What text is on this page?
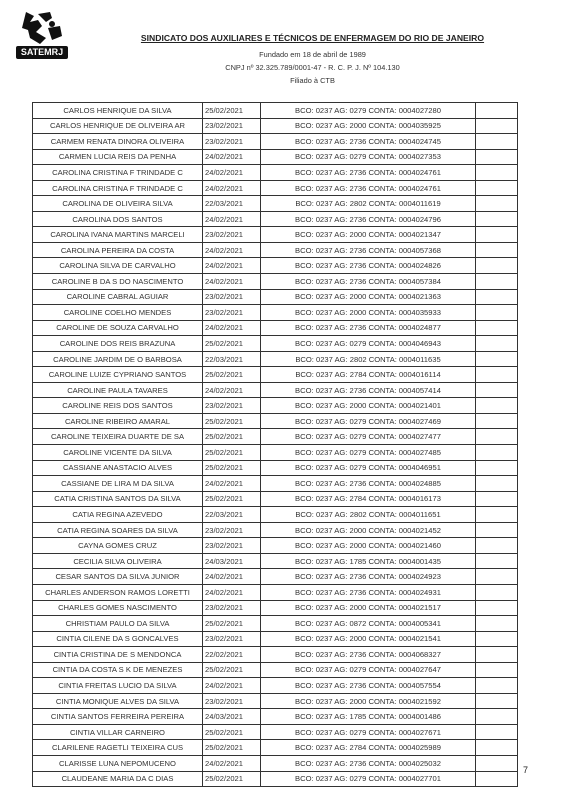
SATEMRJ
SINDICATO DOS AUXILIARES E TÉCNICOS DE ENFERMAGEM DO RIO DE JANEIRO
Fundado em 18 de abril de 1989
CNPJ nº 32.325.789/0001-47 - R. C. P. J. Nº 104.130
Filiado à CTB
CARLOS HENRIQUE DA SILVA	25/02/2021	BCO: 0237 AG: 0279 CONTA: 0004027280	
CARLOS HENRIQUE DE OLIVEIRA AR	23/02/2021	BCO: 0237 AG: 2000 CONTA: 0004035925	
CARMEM RENATA DINORA OLIVEIRA	23/02/2021	BCO: 0237 AG: 2736 CONTA: 0004024745	
CARMEN LUCIA REIS DA PENHA	24/02/2021	BCO: 0237 AG: 0279 CONTA: 0004027353	
CAROLINA CRISTINA F TRINDADE C	24/02/2021	BCO: 0237 AG: 2736 CONTA: 0004024761	
CAROLINA CRISTINA F TRINDADE C	24/02/2021	BCO: 0237 AG: 2736 CONTA: 0004024761	
CAROLINA DE OLIVEIRA SILVA	22/03/2021	BCO: 0237 AG: 2802 CONTA: 0004011619	
CAROLINA DOS SANTOS	24/02/2021	BCO: 0237 AG: 2736 CONTA: 0004024796	
CAROLINA IVANA MARTINS MARCELI	23/02/2021	BCO: 0237 AG: 2000 CONTA: 0004021347	
CAROLINA PEREIRA DA COSTA	24/02/2021	BCO: 0237 AG: 2736 CONTA: 0004057368	
CAROLINA SILVA DE CARVALHO	24/02/2021	BCO: 0237 AG: 2736 CONTA: 0004024826	
CAROLINE B DA S DO NASCIMENTO	24/02/2021	BCO: 0237 AG: 2736 CONTA: 0004057384	
CAROLINE CABRAL AGUIAR	23/02/2021	BCO: 0237 AG: 2000 CONTA: 0004021363	
CAROLINE COELHO MENDES	23/02/2021	BCO: 0237 AG: 2000 CONTA: 0004035933	
CAROLINE DE SOUZA CARVALHO	24/02/2021	BCO: 0237 AG: 2736 CONTA: 0004024877	
CAROLINE DOS REIS BRAZUNA	25/02/2021	BCO: 0237 AG: 0279 CONTA: 0004046943	
CAROLINE JARDIM DE O BARBOSA	22/03/2021	BCO: 0237 AG: 2802 CONTA: 0004011635	
CAROLINE LUIZE CYPRIANO SANTOS	25/02/2021	BCO: 0237 AG: 2784 CONTA: 0004016114	
CAROLINE PAULA TAVARES	24/02/2021	BCO: 0237 AG: 2736 CONTA: 0004057414	
CAROLINE REIS DOS SANTOS	23/02/2021	BCO: 0237 AG: 2000 CONTA: 0004021401	
CAROLINE RIBEIRO AMARAL	25/02/2021	BCO: 0237 AG: 0279 CONTA: 0004027469	
CAROLINE TEIXEIRA DUARTE DE SA	25/02/2021	BCO: 0237 AG: 0279 CONTA: 0004027477	
CAROLINE VICENTE DA SILVA	25/02/2021	BCO: 0237 AG: 0279 CONTA: 0004027485	
CASSIANE ANASTACIO ALVES	25/02/2021	BCO: 0237 AG: 0279 CONTA: 0004046951	
CASSIANE DE LIRA M DA SILVA	24/02/2021	BCO: 0237 AG: 2736 CONTA: 0004024885	
CATIA CRISTINA SANTOS DA SILVA	25/02/2021	BCO: 0237 AG: 2784 CONTA: 0004016173	
CATIA REGINA AZEVEDO	22/03/2021	BCO: 0237 AG: 2802 CONTA: 0004011651	
CATIA REGINA SOARES DA SILVA	23/02/2021	BCO: 0237 AG: 2000 CONTA: 0004021452	
CAYNA GOMES CRUZ	23/02/2021	BCO: 0237 AG: 2000 CONTA: 0004021460	
CECILIA SILVA OLIVEIRA	24/03/2021	BCO: 0237 AG: 1785 CONTA: 0004001435	
CESAR SANTOS DA SILVA JUNIOR	24/02/2021	BCO: 0237 AG: 2736 CONTA: 0004024923	
CHARLES ANDERSON RAMOS LORETTI	24/02/2021	BCO: 0237 AG: 2736 CONTA: 0004024931	
CHARLES GOMES NASCIMENTO	23/02/2021	BCO: 0237 AG: 2000 CONTA: 0004021517	
CHRISTIAM PAULO DA SILVA	25/02/2021	BCO: 0237 AG: 0872 CONTA: 0004005341	
CINTIA CILENE DA S GONCALVES	23/02/2021	BCO: 0237 AG: 2000 CONTA: 0004021541	
CINTIA CRISTINA DE S MENDONCA	22/02/2021	BCO: 0237 AG: 2736 CONTA: 0004068327	
CINTIA DA COSTA S K DE MENEZES	25/02/2021	BCO: 0237 AG: 0279 CONTA: 0004027647	
CINTIA FREITAS LUCIO DA SILVA	24/02/2021	BCO: 0237 AG: 2736 CONTA: 0004057554	
CINTIA MONIQUE ALVES DA SILVA	23/02/2021	BCO: 0237 AG: 2000 CONTA: 0004021592	
CINTIA SANTOS FERREIRA PEREIRA	24/03/2021	BCO: 0237 AG: 1785 CONTA: 0004001486	
CINTIA VILLAR CARNEIRO	25/02/2021	BCO: 0237 AG: 0279 CONTA: 0004027671	
CLARILENE RAGETLI TEIXEIRA CUS	25/02/2021	BCO: 0237 AG: 2784 CONTA: 0004025989	
CLARISSE LUNA NEPOMUCENO	24/02/2021	BCO: 0237 AG: 2736 CONTA: 0004025032	
CLAUDEANE MARIA DA C DIAS	25/02/2021	BCO: 0237 AG: 0279 CONTA: 0004027701	
7
